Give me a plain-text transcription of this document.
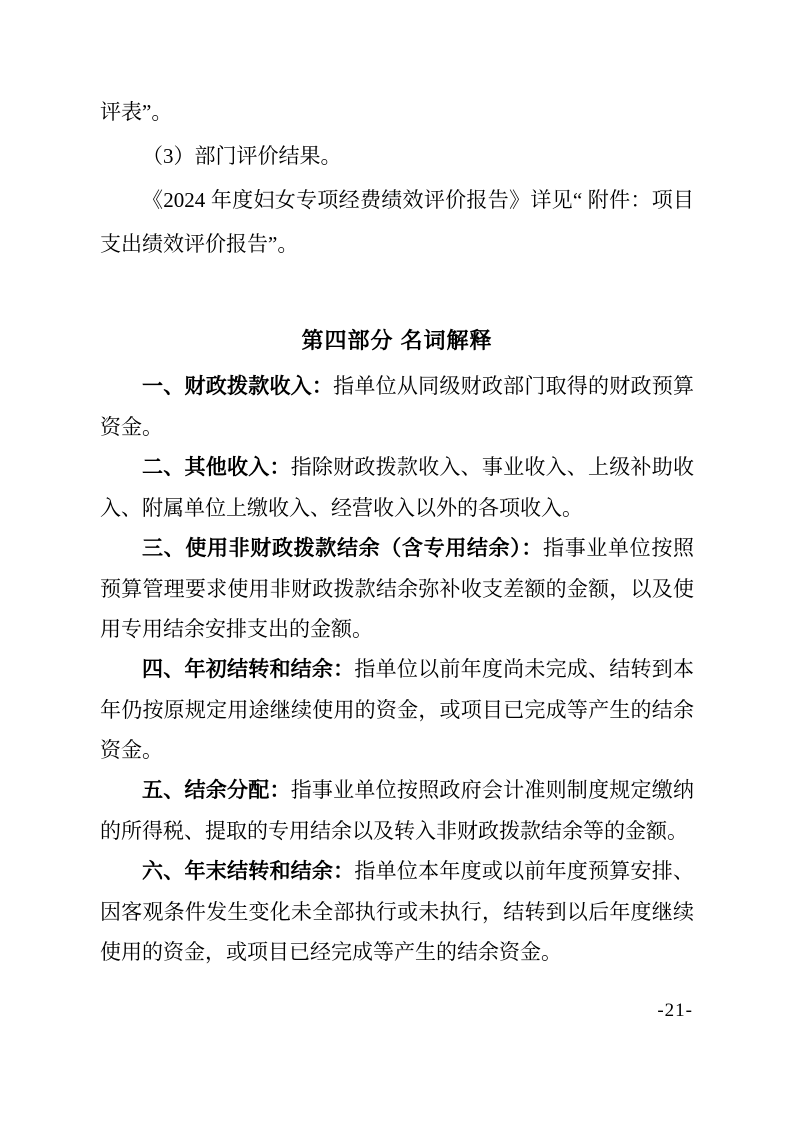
评表”。

（3）部门评价结果。

《2024 年度妇女专项经费绩效评价报告》详见“ 附件：项目支出绩效评价报告”。

第四部分 名词解释

一、财政拨款收入：指单位从同级财政部门取得的财政预算资金。

二、其他收入：指除财政拨款收入、事业收入、上级补助收入、附属单位上缴收入、经营收入以外的各项收入。

三、使用非财政拨款结余（含专用结余）：指事业单位按照预算管理要求使用非财政拨款结余弥补收支差额的金额，以及使用专用结余安排支出的金额。

四、年初结转和结余：指单位以前年度尚未完成、结转到本年仍按原规定用途继续使用的资金，或项目已完成等产生的结余资金。

五、结余分配：指事业单位按照政府会计准则制度规定缴纳的所得税、提取的专用结余以及转入非财政拨款结余等的金额。

六、年末结转和结余：指单位本年度或以前年度预算安排、因客观条件发生变化未全部执行或未执行，结转到以后年度继续使用的资金，或项目已经完成等产生的结余资金。

-21-
